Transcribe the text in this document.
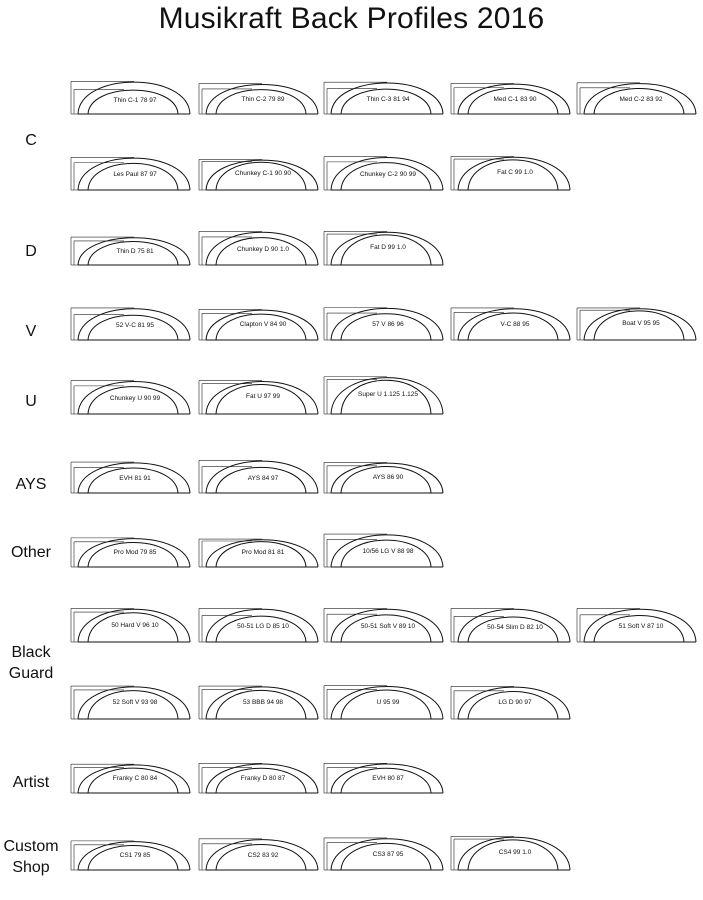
Musikraft Back Profiles 2016
C
Thin C-1 78 97	Thin C-2 79 89	Thin C-3 81 94	Med C-1 83 90	Med C-2 83 92
Les Paul 87 97	Chunkey C-1 90 90	Chunkey C-2 90 99	Fat C 99 1.0
D	Thin D 75 81	Chunkey D 90 1.0	Fat D 99 1.0
V	52 V-C 81 95	Clapton V 84 90	57 V 86 96	V-C 88 95	Boat V 95 95
U	Chunkey U 90 99	Fat U 97 99	Super U 1.125 1.125
AYS	EVH 81 91	AYS 84 97	AYS 86 90
Other	Pro Mod 79 85	Pro Mod 81 81	10/56 LG V 88 98
Black Guard
50 Hard V 96 10	50-51 LG D 85 10	50-51 Soft V 89 10	50-54 Slim D 82 10	51 Soft V 87 10
52 Soft V 93 98	53 BBB 94 98	U 95 99	LG D 90 97
Artist	Franky C 80 84	Franky D 80 87	EVH 80 87
Custom Shop
CS1 79 85	CS2 83 92	CS3 87 95	CS4 99 1.0
